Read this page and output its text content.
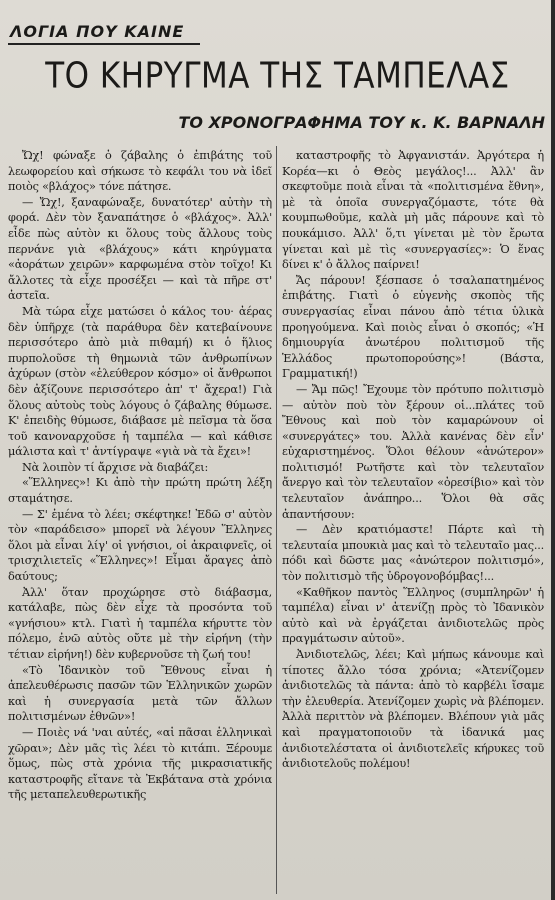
ΛΟΓΙΑ ΠΟΥ ΚΑΙΝΕ
ΤΟ ΚΗΡΥΓΜΑ ΤΗΣ ΤΑΜΠΕΛΑΣ
ΤΟ ΧΡΟΝΟΓΡΑΦΗΜΑ ΤΟΥ κ. Κ. ΒΑΡΝΑΛΗ

Ὤχ! φώναξε ὁ ζάβαλης ὁ ἐπιβάτης τοῦ λεωφορείου καὶ σήκωσε τὸ κεφάλι του νὰ ἰδεῖ ποιὸς «βλάχος» τόνε πάτησε.

— Ὤχ!, ξαναφώναξε, δυνατότερ' αὐτὴν τὴ φορά. Δὲν τὸν ξαναπάτησε ὁ «βλάχος». Ἀλλ' εἶδε πὼς αὐτὸν κι ὅλους τοὺς ἄλλους τοὺς περνάνε γιὰ «βλάχους» κάτι κηρύγματα «ἀοράτων χειρῶν» καρφωμένα στὸν τοῖχο! Κι ἄλλοτες τὰ εἶχε προσέξει — καὶ τὰ πῆρε στ' ἀστεῖα.

Μὰ τώρα εἶχε ματώσει ὁ κάλος του· ἀέρας δὲν ὑπῆρχε (τὰ παράθυρα δὲν κατεβαίνουνε περισσότερο ἀπὸ μιὰ πιθαμή) κι ὁ ἥλιος πυρπολοῦσε τὴ θημωνιὰ τῶν ἀνθρωπίνων ἀχύρων (στὸν «ἐλεύθερον κόσμο» οἱ ἄνθρωποι δὲν ἀξίζουνε περισσότερο ἀπ' τ' ἄχερα!) Γιὰ ὅλους αὐτοὺς τοὺς λόγους ὁ ζάβαλης θύμωσε. Κ' ἐπειδὴς θύμωσε, διάβασε μὲ πεῖσμα τὰ ὅσα τοῦ κανοναρχοῦσε ἡ ταμπέλα — καὶ κάθισε μάλιστα καὶ τ' ἀντίγραψε «γιὰ νὰ τὰ ἔχει»!

Νὰ λοιπὸν τί ἄρχισε νὰ διαβάζει:

«Ἕλληνες»! Κι ἀπὸ τὴν πρώτη πρώτη λέξη σταμάτησε.

— Σ' ἐμένα τὸ λέει; σκέφτηκε! Ἐδῶ σ' αὐτὸν τὸν «παράδεισο» μπορεῖ νὰ λέγουν Ἕλληνες ὅλοι μὰ εἶναι λίγ' οἱ γνήσιοι, οἱ ἀκραιφνεῖς, οἱ τρισχιλιετεῖς «Ἕλληνες»! Εἶμαι ἄραγες ἀπὸ δαύτους;

Ἀλλ' ὅταν προχώρησε στὸ διάβασμα, κατάλαβε, πὼς δὲν εἶχε τὰ προσόντα τοῦ «γνήσιου» κτλ. Γιατὶ ἡ ταμπέλα κήρυττε τὸν πόλεμο, ἐνῶ αὐτὸς οὔτε μὲ τὴν εἰρήνη (τὴν τέτιαν εἰρήνη!) δὲν κυβερνοῦσε τὴ ζωή του!

«Τὸ Ἰδανικὸν τοῦ Ἔθνους εἶναι ἡ ἀπελευθέρωσις πασῶν τῶν Ἑλληνικῶν χωρῶν καὶ ἡ συνεργασία μετὰ τῶν ἄλλων πολιτισμένων ἐθνῶν»!

— Ποιὲς νά 'ναι αὐτές, «αἱ πᾶσαι ἑλληνικαὶ χῶραι»; Δὲν μᾶς τὶς λέει τὸ κιτάπι. Ξέρουμε ὅμως, πὼς στὰ χρόνια τῆς μικρασιατικῆς καταστροφῆς εἴτανε τὰ Ἐκβάτανα στὰ χρόνια τῆς μεταπελευθερωτικῆς

καταστροφῆς τὸ Ἀφγανιστάν. Ἀργότερα ἡ Κορέα—κι ὁ Θεὸς μεγάλος!... Ἀλλ' ἂν σκεφτοῦμε ποιὰ εἶναι τὰ «πολιτισμένα ἔθνη», μὲ τὰ ὁποῖα συνεργαζόμαστε, τότε θὰ κουμπωθοῦμε, καλὰ μὴ μᾶς πάρουνε καὶ τὸ πουκάμισο. Ἀλλ' ὅ,τι γίνεται μὲ τὸν ἔρωτα γίνεται καὶ μὲ τὶς «συνεργασίες»: Ὁ ἕνας δίνει κ' ὁ ἄλλος παίρνει!

Ἄς πάρουν! ξέσπασε ὁ τσαλαπατημένος ἐπιβάτης. Γιατὶ ὁ εὐγενὴς σκοπὸς τῆς συνεργασίας εἶναι πάνου ἀπὸ τέτια ὑλικὰ προηγούμενα. Καὶ ποιὸς εἶναι ὁ σκοπός; «Ἡ δημιουργία ἀνωτέρου πολιτισμοῦ τῆς Ἑλλάδος πρωτοπορούσης»! (Βάστα, Γραμματική!)

— Ἄμ πῶς! Ἔχουμε τὸν πρότυπο πολιτισμὸ — αὐτὸν ποὺ τὸν ξέρουν οἱ...πλάτες τοῦ Ἔθνους καὶ ποὺ τὸν καμαρώνουν οἱ «συνεργάτες» του. Ἀλλὰ κανένας δὲν εἶν' εὐχαριστημένος. Ὅλοι θέλουν «ἀνώτερον» πολιτισμό! Ρωτῆστε καὶ τὸν τελευταῖον ἄνεργο καὶ τὸν τελευταῖον «ὀρεσίβιο» καὶ τὸν τελευταῖον ἀνάπηρο... Ὅλοι θὰ σᾶς ἀπαντήσουν:

— Δὲν κρατιόμαστε! Πάρτε καὶ τὴ τελευταία μπουκιὰ μας καὶ τὸ τελευταῖο μας... πόδι καὶ δῶστε μας «ἀνώτερον πολιτισμό», τὸν πολιτισμὸ τῆς ὑδρογονοβόμβας!...

«Καθῆκον παντὸς Ἕλληνος (συμπληρῶν' ἡ ταμπέλα) εἶναι ν' ἀτενίζῃ πρὸς τὸ Ἰδανικὸν αὐτὸ καὶ νὰ ἐργάζεται ἀνιδιοτελῶς πρὸς πραγμάτωσιν αὐτοῦ».

Ἀνιδιοτελῶς, λέει; Καὶ μήπως κάνουμε καὶ τίποτες ἄλλο τόσα χρόνια; «Ἀτενίζομεν ἀνιδιοτελῶς τὰ πάντα: ἀπὸ τὸ καρβέλι ἴσαμε τὴν ἐλευθερία. Ἀτενίζομεν χωρὶς νὰ βλέπομεν. Ἀλλὰ περιττὸν νὰ βλέπομεν. Βλέπουν γιὰ μᾶς καὶ πραγματοποιοῦν τὰ ἰδανικά μας ἀνιδιοτελέστατα οἱ ἀνιδιοτελεῖς κήρυκες τοῦ ἀνιδιοτελοῦς πολέμου!
